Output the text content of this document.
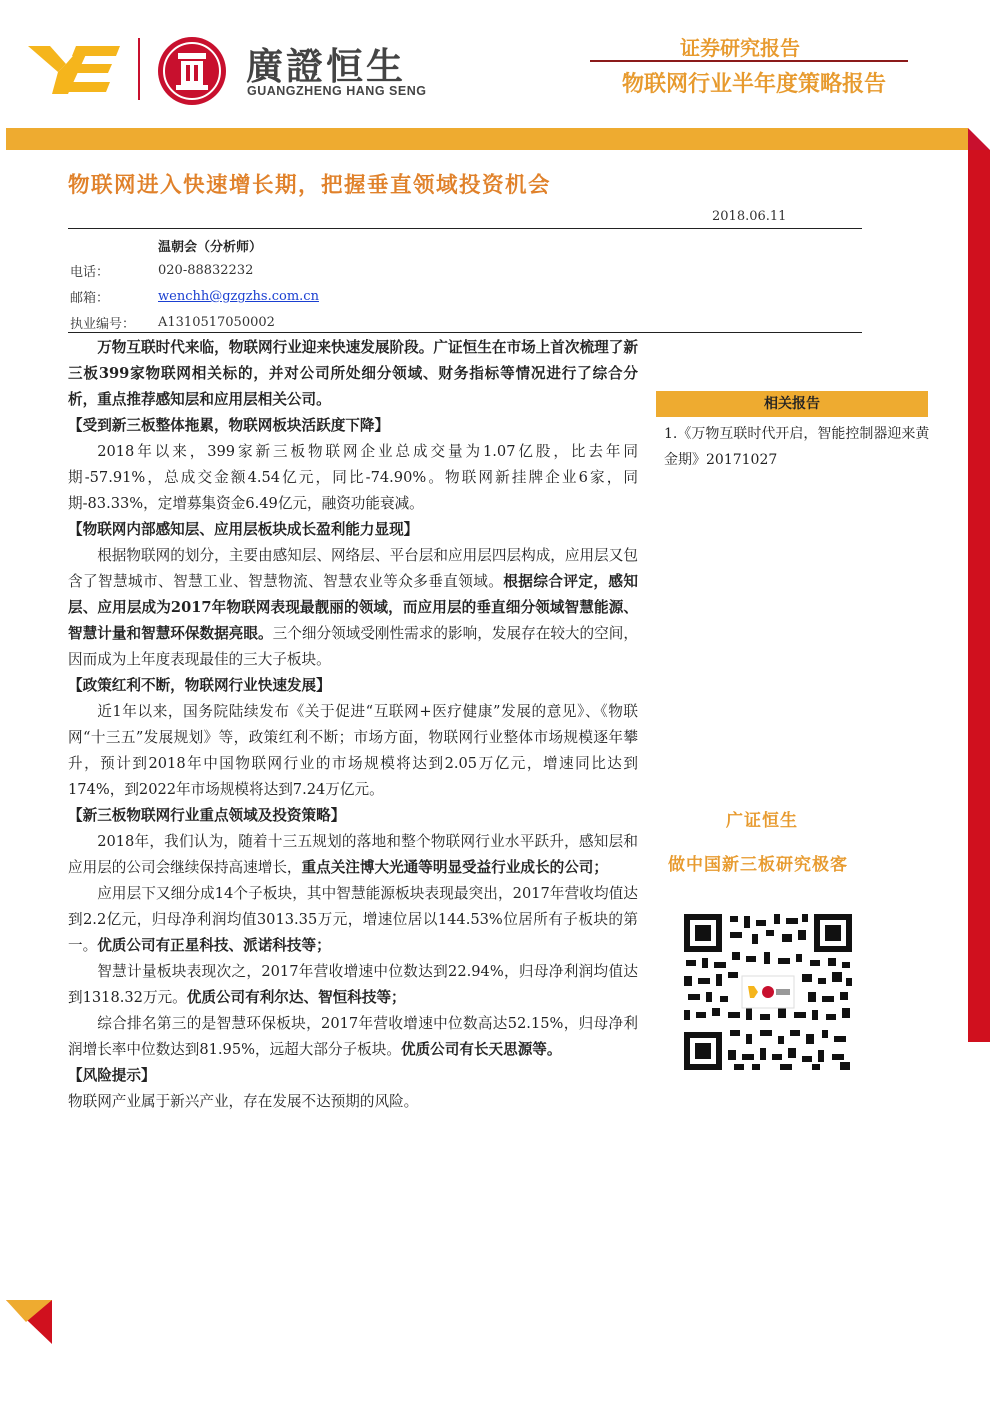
廣證恒生
GUANGZHENG HANG SENG
证券研究报告
物联网行业半年度策略报告
物联网进入快速增长期，把握垂直领域投资机会
2018.06.11
温朝会（分析师）
电话：	020-88832232
邮箱：	wenchh@gzgzhs.com.cn
执业编号： A1310517050002

万物互联时代来临，物联网行业迎来快速发展阶段。广证恒生在市场上首次梳理了新三板399家物联网相关标的，并对公司所处细分领域、财务指标等情况进行了综合分析，重点推荐感知层和应用层相关公司。

【受到新三板整体拖累，物联网板块活跃度下降】

2018年以来，399家新三板物联网企业总成交量为1.07亿股，比去年同期-57.91%，总成交金额4.54亿元，同比-74.90%。物联网新挂牌企业6家，同期-83.33%，定增募集资金6.49亿元，融资功能衰减。

【物联网内部感知层、应用层板块成长盈利能力显现】

根据物联网的划分，主要由感知层、网络层、平台层和应用层四层构成，应用层又包含了智慧城市、智慧工业、智慧物流、智慧农业等众多垂直领域。根据综合评定，感知层、应用层成为2017年物联网表现最靓丽的领域，而应用层的垂直细分领域智慧能源、智慧计量和智慧环保数据亮眼。三个细分领域受刚性需求的影响，发展存在较大的空间，因而成为上年度表现最佳的三大子板块。

【政策红利不断，物联网行业快速发展】

近1年以来，国务院陆续发布《关于促进“互联网+医疗健康”发展的意见》、《物联网“十三五”发展规划》等，政策红利不断；市场方面，物联网行业整体市场规模逐年攀升，预计到2018年中国物联网行业的市场规模将达到2.05万亿元，增速同比达到174%，到2022年市场规模将达到7.24万亿元。

【新三板物联网行业重点领域及投资策略】

2018年，我们认为，随着十三五规划的落地和整个物联网行业水平跃升，感知层和应用层的公司会继续保持高速增长，重点关注博大光通等明显受益行业成长的公司；

应用层下又细分成14个子板块，其中智慧能源板块表现最突出，2017年营收均值达到2.2亿元，归母净利润均值3013.35万元，增速位居以144.53%位居所有子板块的第一。优质公司有正星科技、派诺科技等；

智慧计量板块表现次之，2017年营收增速中位数达到22.94%，归母净利润均值达到1318.32万元。优质公司有利尔达、智恒科技等；

综合排名第三的是智慧环保板块，2017年营收增速中位数高达52.15%，归母净利润增长率中位数达到81.95%，远超大部分子板块。优质公司有长天思源等。

【风险提示】

物联网产业属于新兴产业，存在发展不达预期的风险。

相关报告
1.《万物互联时代开启，智能控制器迎来黄金期》20171027
广证恒生
做中国新三板研究极客
